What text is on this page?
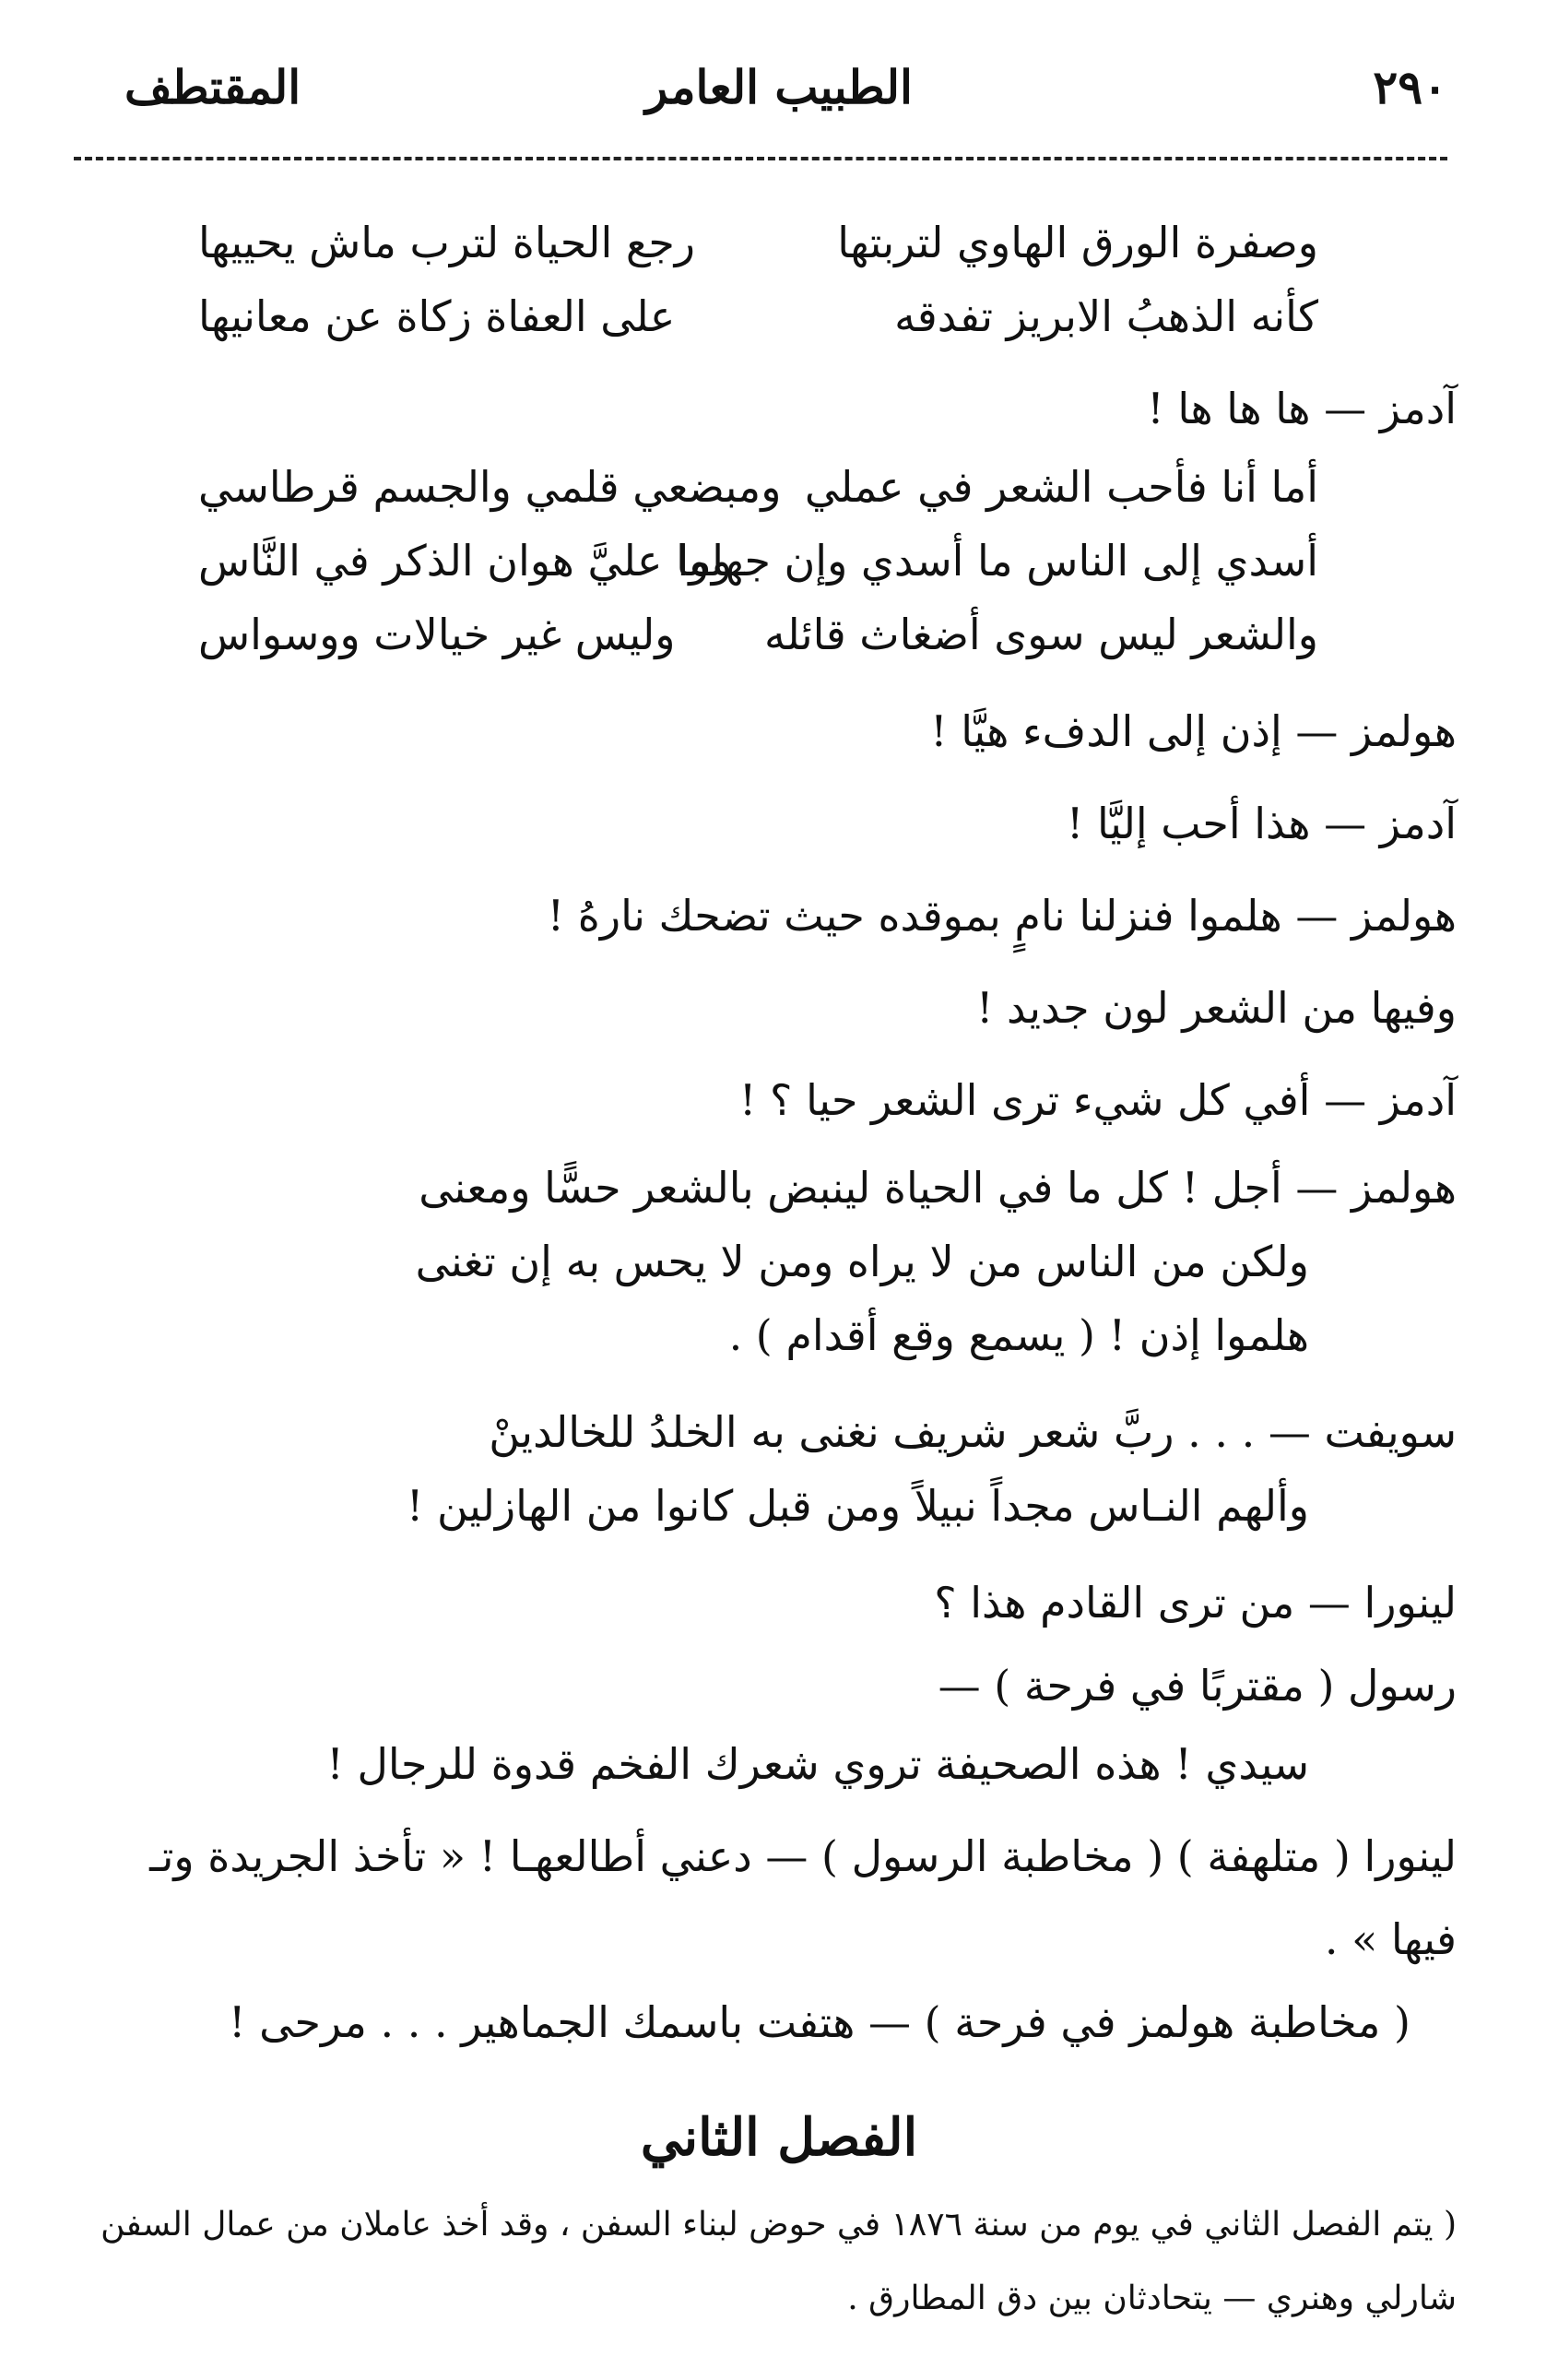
٢٩٠
الطبيب العامر
المقتطف
وصفرة الورق الهاوي لتربتها
رجع الحياة لترب ماش يحييها
كأنه الذهبُ الابريز تفدقه
على العفاة زكاة عن معانيها
آدمز — ها ها ها !
أما أنا فأحب الشعر في عملي
ومبضعي قلمي والجسم قرطاسي
أسدي إلى الناس ما أسدي وإن جهلوا
وما عليَّ هوان الذكر في النَّاس
والشعر ليس سوى أضغاث قائله
وليس غير خيالات ووسواس
هولمز — إذن إلى الدفء هيَّا !
آدمز — هذا أحب إليَّا !
هولمز — هلموا فنزلنا نامٍ بموقده حيث تضحك نارهُ !
وفيها من الشعر لون جديد !
آدمز — أفي كل شيء ترى الشعر حيا ؟ !
هولمز — أجل ! كل ما في الحياة لينبض بالشعر حسًّا ومعنى
ولكن من الناس من لا يراه ومن لا يحس به إن تغنى
هلموا إذن ! ( يسمع وقع أقدام ) .
سويفت — . . . ربَّ شعر شريف نغنى به الخلدُ للخالدينْ
وألهم النـاس مجداً نبيلاً ومن قبل كانوا من الهازلين !
لينورا — من ترى القادم هذا ؟
رسول ( مقتربًا في فرحة ) —
سيدي ! هذه الصحيفة تروي شعرك الفخم قدوة للرجال !
لينورا ( متلهفة ) ( مخاطبة الرسول ) — دعني أطالعهـا ! « تأخذ الجريدة وتـ
فيها » .
( مخاطبة هولمز في فرحة ) — هتفت باسمك الجماهير . . . مرحى !
الفصل الثاني
( يتم الفصل الثاني في يوم من سنة ١٨٧٦ في حوض لبناء السفن ، وقد أخذ عاملان من عمال السفن
شارلي وهنري — يتحادثان بين دق المطارق .
